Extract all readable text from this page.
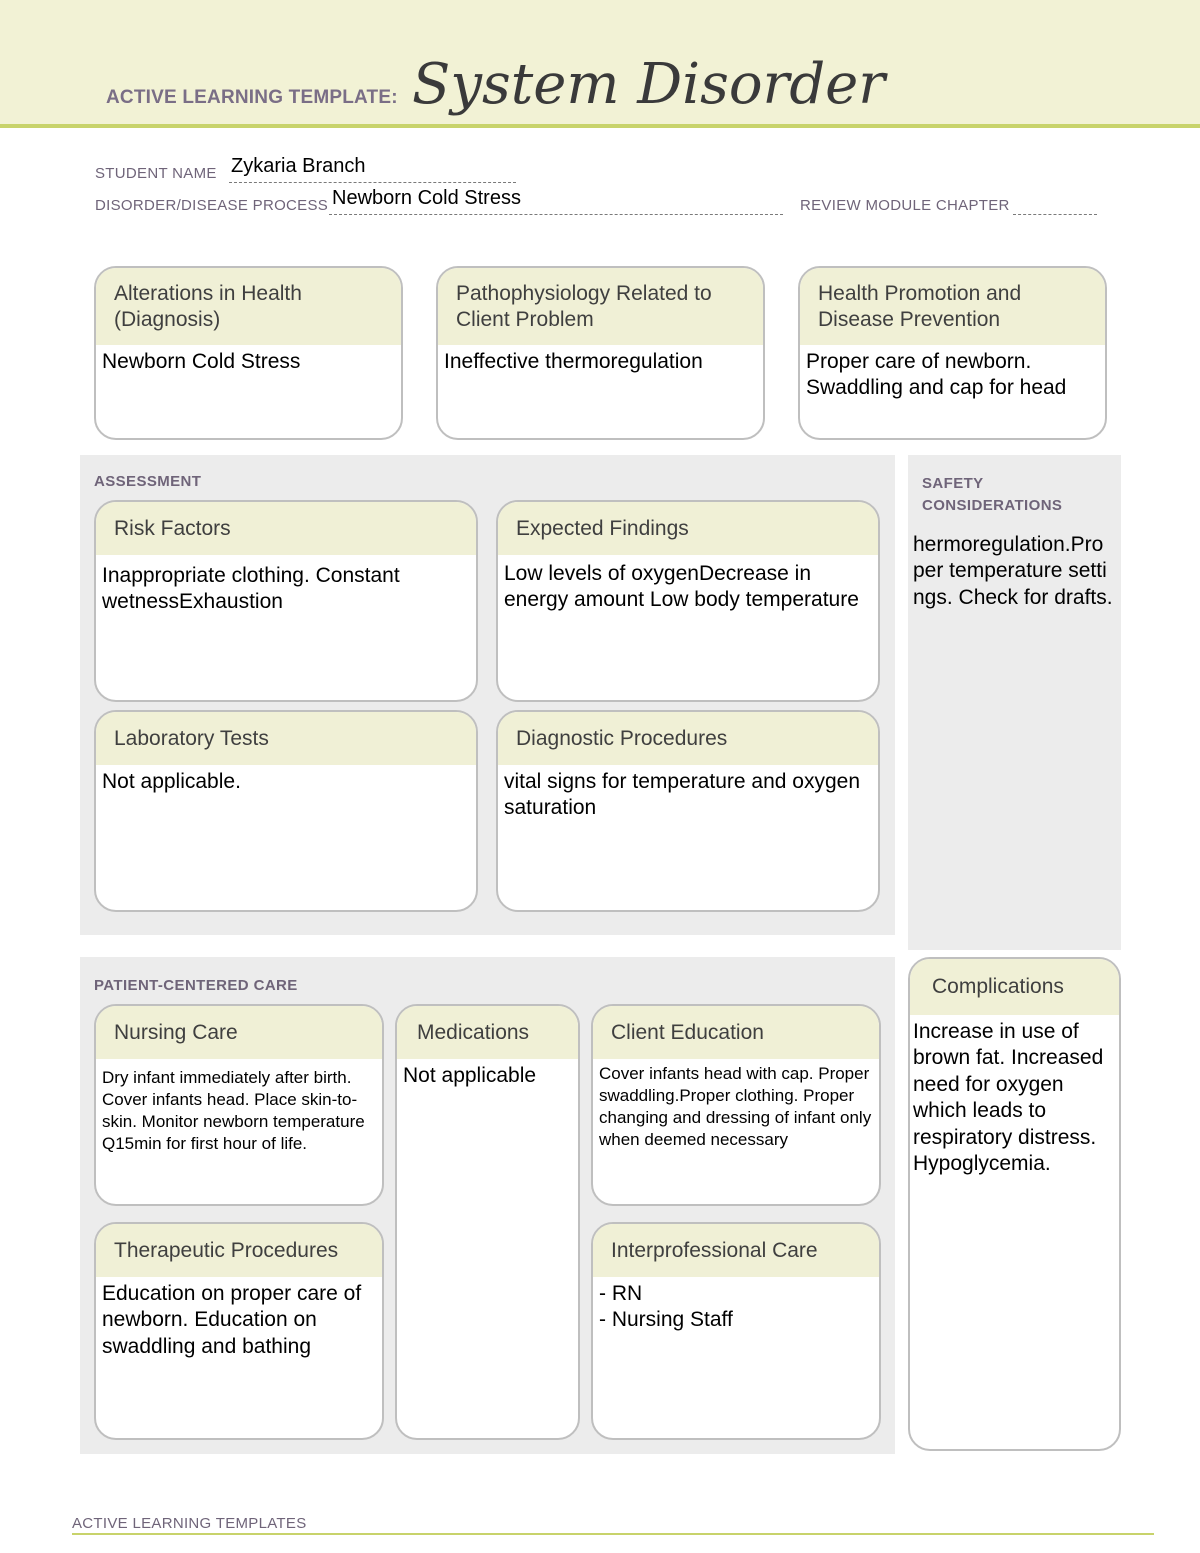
ACTIVE LEARNING TEMPLATE: System Disorder
STUDENT NAME Zykaria Branch
DISORDER/DISEASE PROCESS Newborn Cold Stress	REVIEW MODULE CHAPTER
Alterations in Health (Diagnosis)
Newborn Cold Stress
Pathophysiology Related to Client Problem
Ineffective thermoregulation
Health Promotion and Disease Prevention
Proper care of newborn. Swaddling and cap for head
ASSESSMENT
Risk Factors
Inappropriate clothing. Constant wetnessExhaustion
Expected Findings
Low levels of oxygenDecrease in energy amount Low body temperature
Laboratory Tests
Not applicable.
Diagnostic Procedures
vital signs for temperature and oxygen saturation
SAFETY CONSIDERATIONS
hermoregulation.Proper temperature settings. Check for drafts.
PATIENT-CENTERED CARE
Nursing Care
Dry infant immediately after birth. Cover infants head. Place skin-to-skin. Monitor newborn temperature Q15min for first hour of life.
Medications
Not applicable
Client Education
Cover infants head with cap. Proper swaddling.Proper clothing. Proper changing and dressing of infant only when deemed necessary
Therapeutic Procedures
Education on proper care of newborn. Education on swaddling and bathing
Interprofessional Care
- RN
- Nursing Staff
Complications
Increase in use of brown fat. Increased need for oxygen which leads to respiratory distress. Hypoglycemia.
ACTIVE LEARNING TEMPLATES
